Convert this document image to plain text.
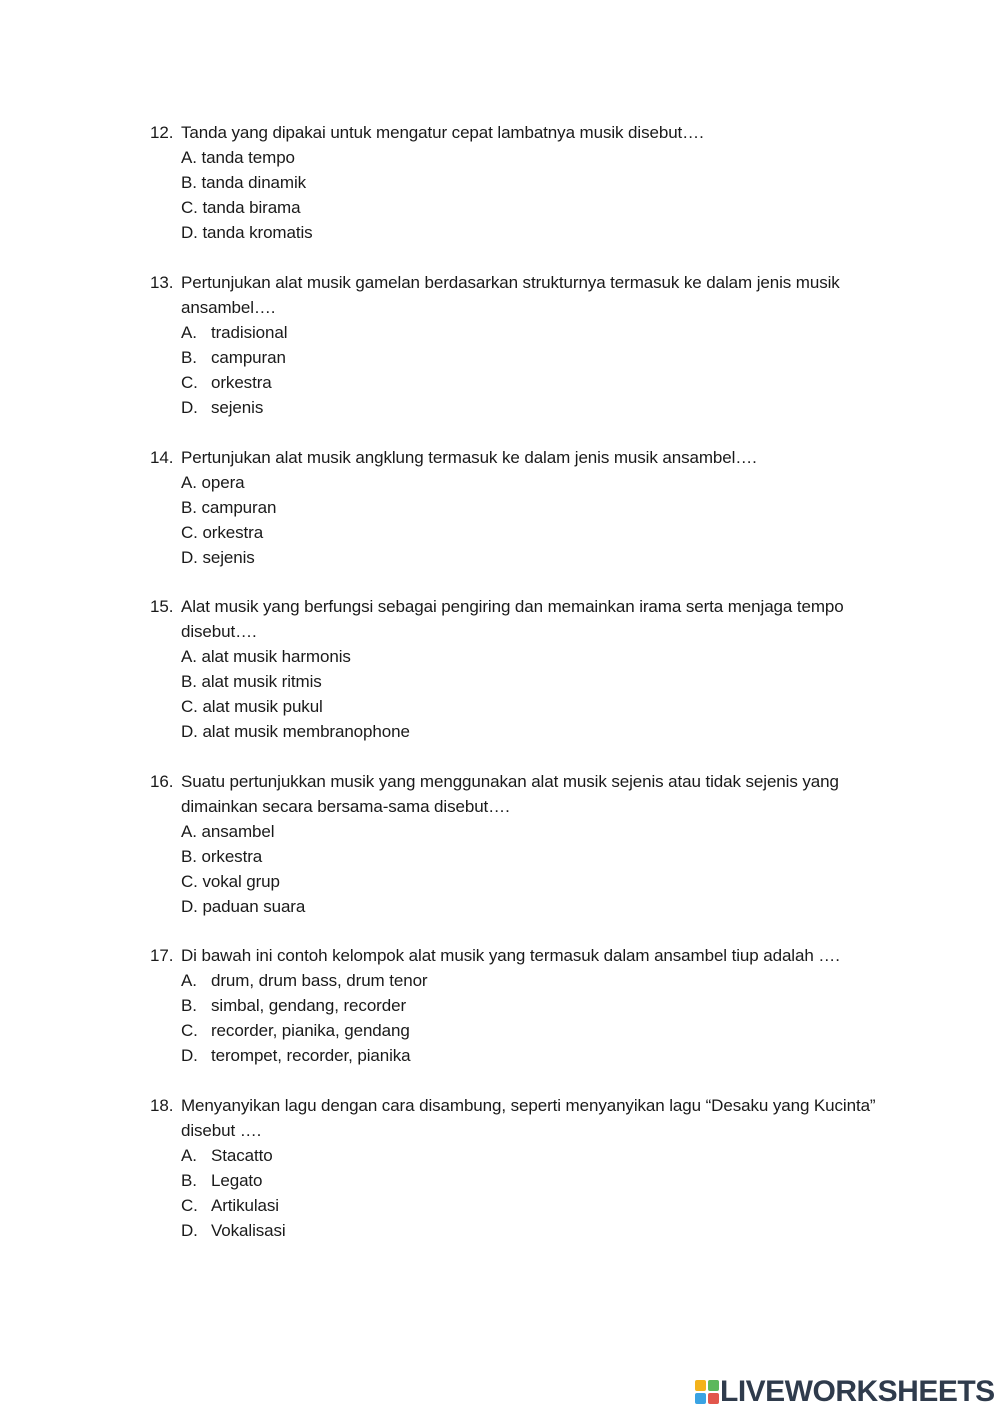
12. Tanda yang dipakai untuk mengatur cepat lambatnya musik disebut….
A. tanda tempo
B. tanda dinamik
C. tanda birama
D. tanda kromatis
13. Pertunjukan alat musik gamelan berdasarkan strukturnya termasuk ke dalam jenis musik ansambel….
A. tradisional
B. campuran
C. orkestra
D. sejenis
14. Pertunjukan alat musik angklung termasuk ke dalam jenis musik ansambel….
A. opera
B. campuran
C. orkestra
D. sejenis
15. Alat musik yang berfungsi sebagai pengiring dan memainkan irama serta menjaga tempo disebut….
A. alat musik harmonis
B. alat musik ritmis
C. alat musik pukul
D. alat musik membranophone
16. Suatu pertunjukkan musik yang menggunakan alat musik sejenis atau tidak sejenis yang dimainkan secara bersama-sama disebut….
A. ansambel
B. orkestra
C. vokal grup
D. paduan suara
17. Di bawah ini contoh kelompok alat musik yang termasuk dalam ansambel tiup adalah ….
A. drum, drum bass, drum tenor
B. simbal, gendang, recorder
C. recorder, pianika, gendang
D. terompet, recorder, pianika
18. Menyanyikan lagu dengan cara disambung, seperti menyanyikan lagu “Desaku yang Kucinta” disebut ….
A. Stacatto
B. Legato
C. Artikulasi
D. Vokalisasi
LIVEWORKSHEETS
